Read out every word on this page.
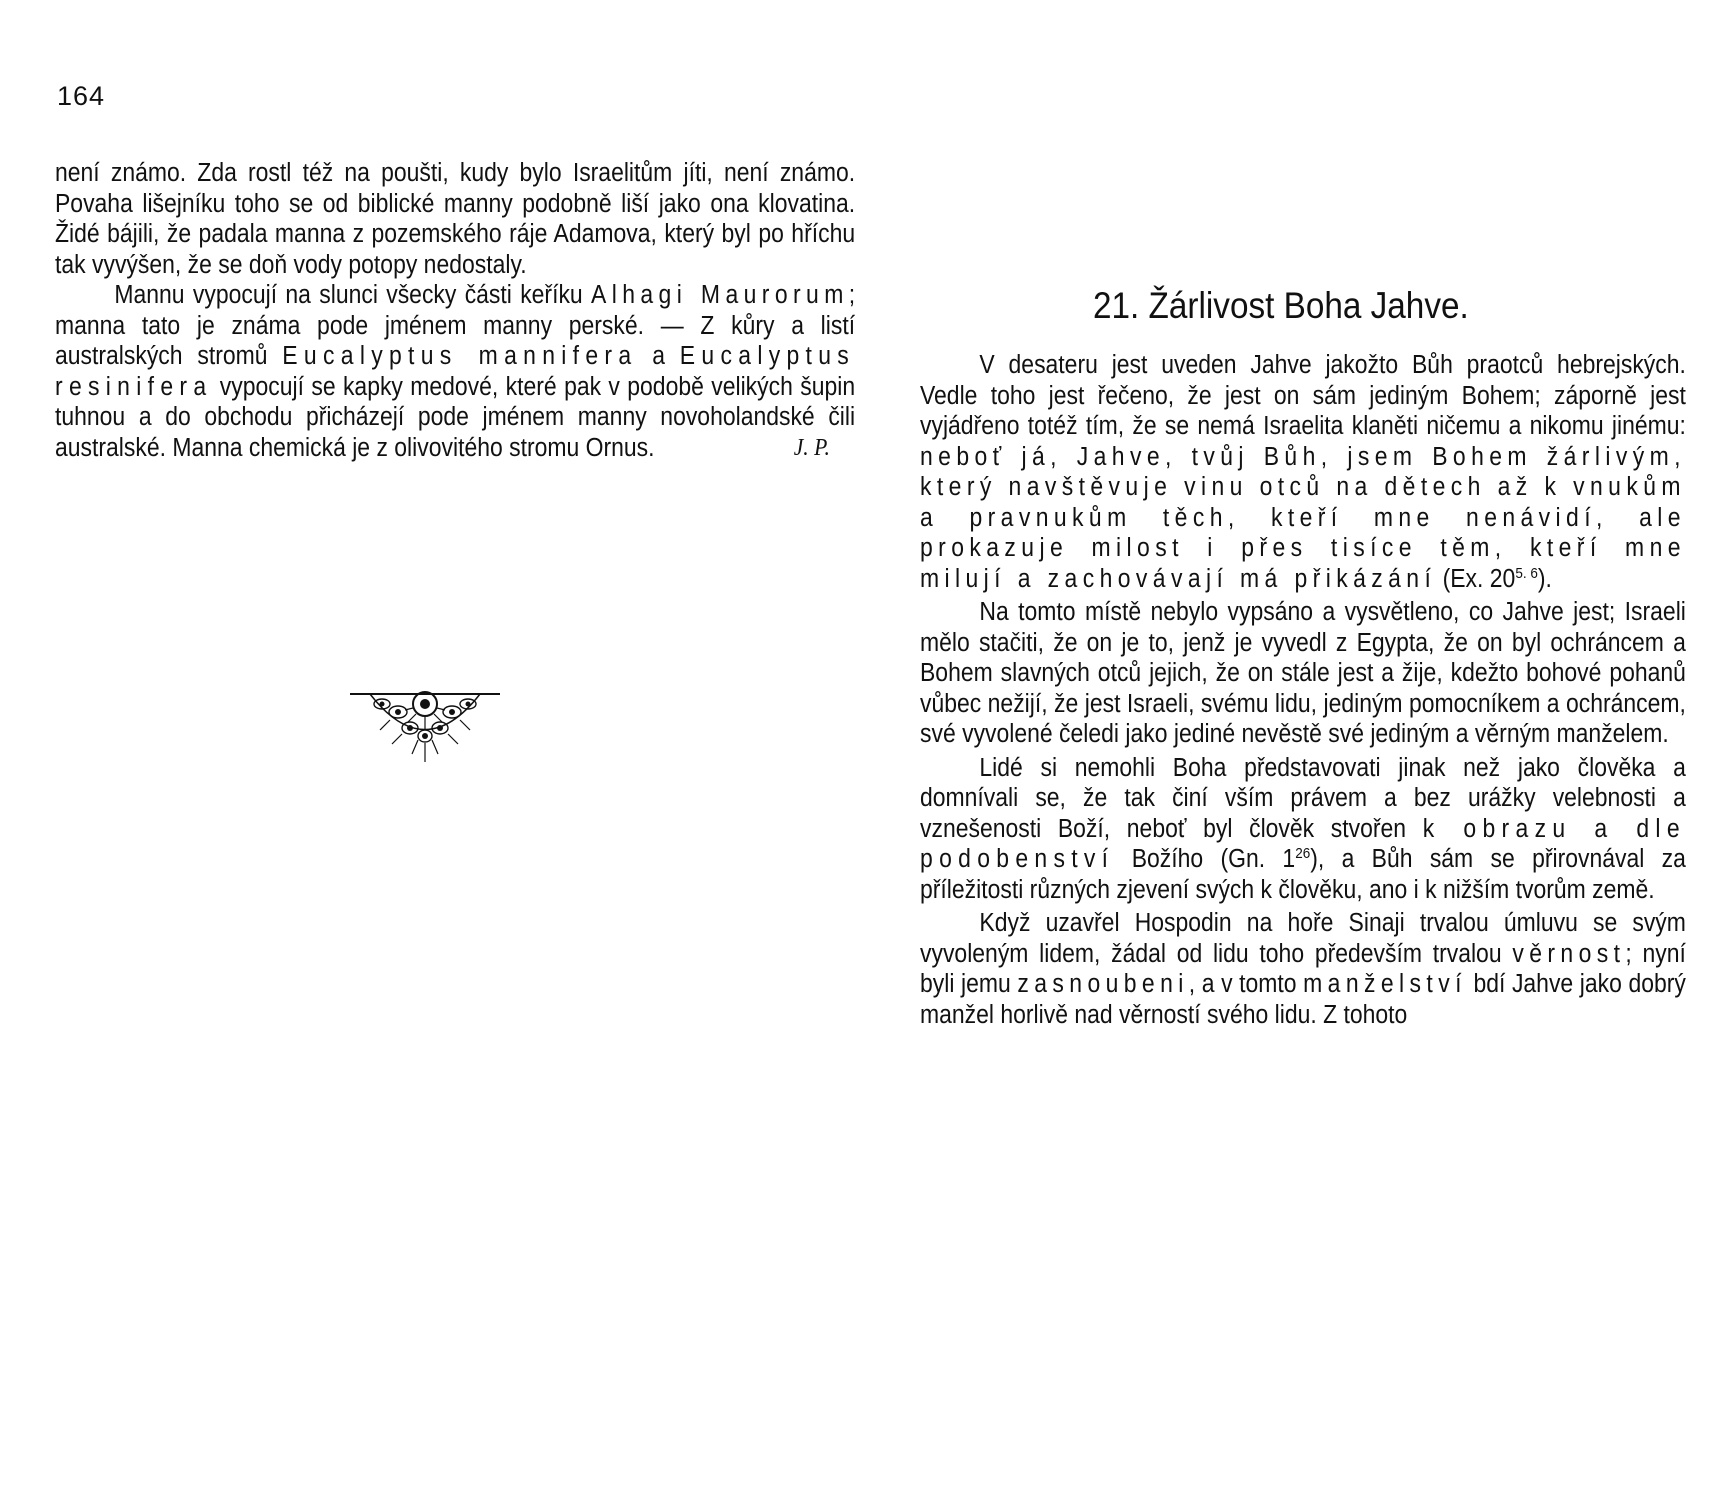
164

není známo. Zda rostl též na poušti, kudy bylo Israelitům jíti, není známo. Povaha lišejníku toho se od biblické manny podobně liší jako ona klovatina. Židé bájili, že padala manna z pozemského ráje Adamova, který byl po hříchu tak vyvýšen, že se doň vody potopy nedostaly.

Mannu vypocují na slunci všecky části keříku Alhagi Maurorum; manna tato je známa pode jménem manny perské. — Z kůry a listí australských stromů Eucalyptus mannifera a Eucalyptus resinifera vypocují se kapky medové, které pak v podobě velikých šupin tuhnou a do obchodu přicházejí pode jménem manny novoholandské čili australské. Manna chemická je z olivovitého stromu Ornus.	J. P.

21. Žárlivost Boha Jahve.

V desateru jest uveden Jahve jakožto Bůh praotců hebrejských. Vedle toho jest řečeno, že jest on sám jediným Bohem; záporně jest vyjádřeno totéž tím, že se nemá Israelita klaněti ničemu a nikomu jinému: neboť já, Jahve, tvůj Bůh, jsem Bohem žárlivým, který navštěvuje vinu otců na dětech až k vnukům a pravnukům těch, kteří mne nenávidí, ale prokazuje milost i přes tisíce těm, kteří mne milují a zachovávají má přikázání (Ex. $20^{5. 6}$).

Na tomto místě nebylo vypsáno a vysvětleno, co Jahve jest; Israeli mělo stačiti, že on je to, jenž je vyvedl z Egypta, že on byl ochráncem a Bohem slavných otců jejich, že on stále jest a žije, kdežto bohové pohanů vůbec nežijí, že jest Israeli, svému lidu, jediným pomocníkem a ochráncem, své vyvolené čeledi jako jediné nevěstě své jediným a věrným manželem.

Lidé si nemohli Boha představovati jinak než jako člověka a domnívali se, že tak činí vším právem a bez urážky velebnosti a vznešenosti Boží, neboť byl člověk stvořen k obrazu a dle podobenství Božího (Gn. $1^{26}$), a Bůh sám se přirovnával za příležitosti různých zjevení svých k člověku, ano i k nižším tvorům země.

Když uzavřel Hospodin na hoře Sinaji trvalou úmluvu se svým vyvoleným lidem, žádal od lidu toho především trvalou věrnost; nyní byli jemu zasnoubeni, a v tomto manželství bdí Jahve jako dobrý manžel horlivě nad věrností svého lidu. Z tohoto
